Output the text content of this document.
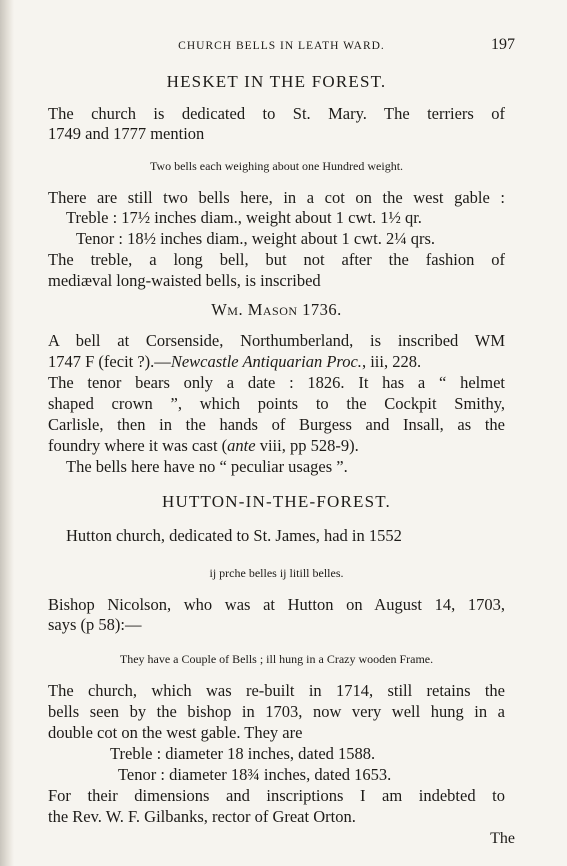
CHURCH BELLS IN LEATH WARD.	197
HESKET IN THE FOREST.
The church is dedicated to St. Mary. The terriers of
1749 and 1777 mention
Two bells each weighing about one Hundred weight.
There are still two bells here, in a cot on the west gable :
Treble : 17½ inches diam., weight about 1 cwt. 1½ qr.
Tenor : 18½ inches diam., weight about 1 cwt. 2¼ qrs.
The treble, a long bell, but not after the fashion of
mediæval long-waisted bells, is inscribed
Wm. Mason 1736.
A bell at Corsenside, Northumberland, is inscribed WM
1747 F (fecit ?).—Newcastle Antiquarian Proc., iii, 228.
The tenor bears only a date : 1826. It has a “ helmet
shaped crown ”, which points to the Cockpit Smithy,
Carlisle, then in the hands of Burgess and Insall, as the
foundry where it was cast (ante viii, pp 528-9).
The bells here have no “ peculiar usages ”.
HUTTON-IN-THE-FOREST.
Hutton church, dedicated to St. James, had in 1552
ij prche belles ij litill belles.
Bishop Nicolson, who was at Hutton on August 14, 1703,
says (p 58):—
They have a Couple of Bells ; ill hung in a Crazy wooden Frame.
The church, which was re-built in 1714, still retains the
bells seen by the bishop in 1703, now very well hung in a
double cot on the west gable. They are
Treble : diameter 18 inches, dated 1588.
Tenor : diameter 18¾ inches, dated 1653.
For their dimensions and inscriptions I am indebted to
the Rev. W. F. Gilbanks, rector of Great Orton.
The
